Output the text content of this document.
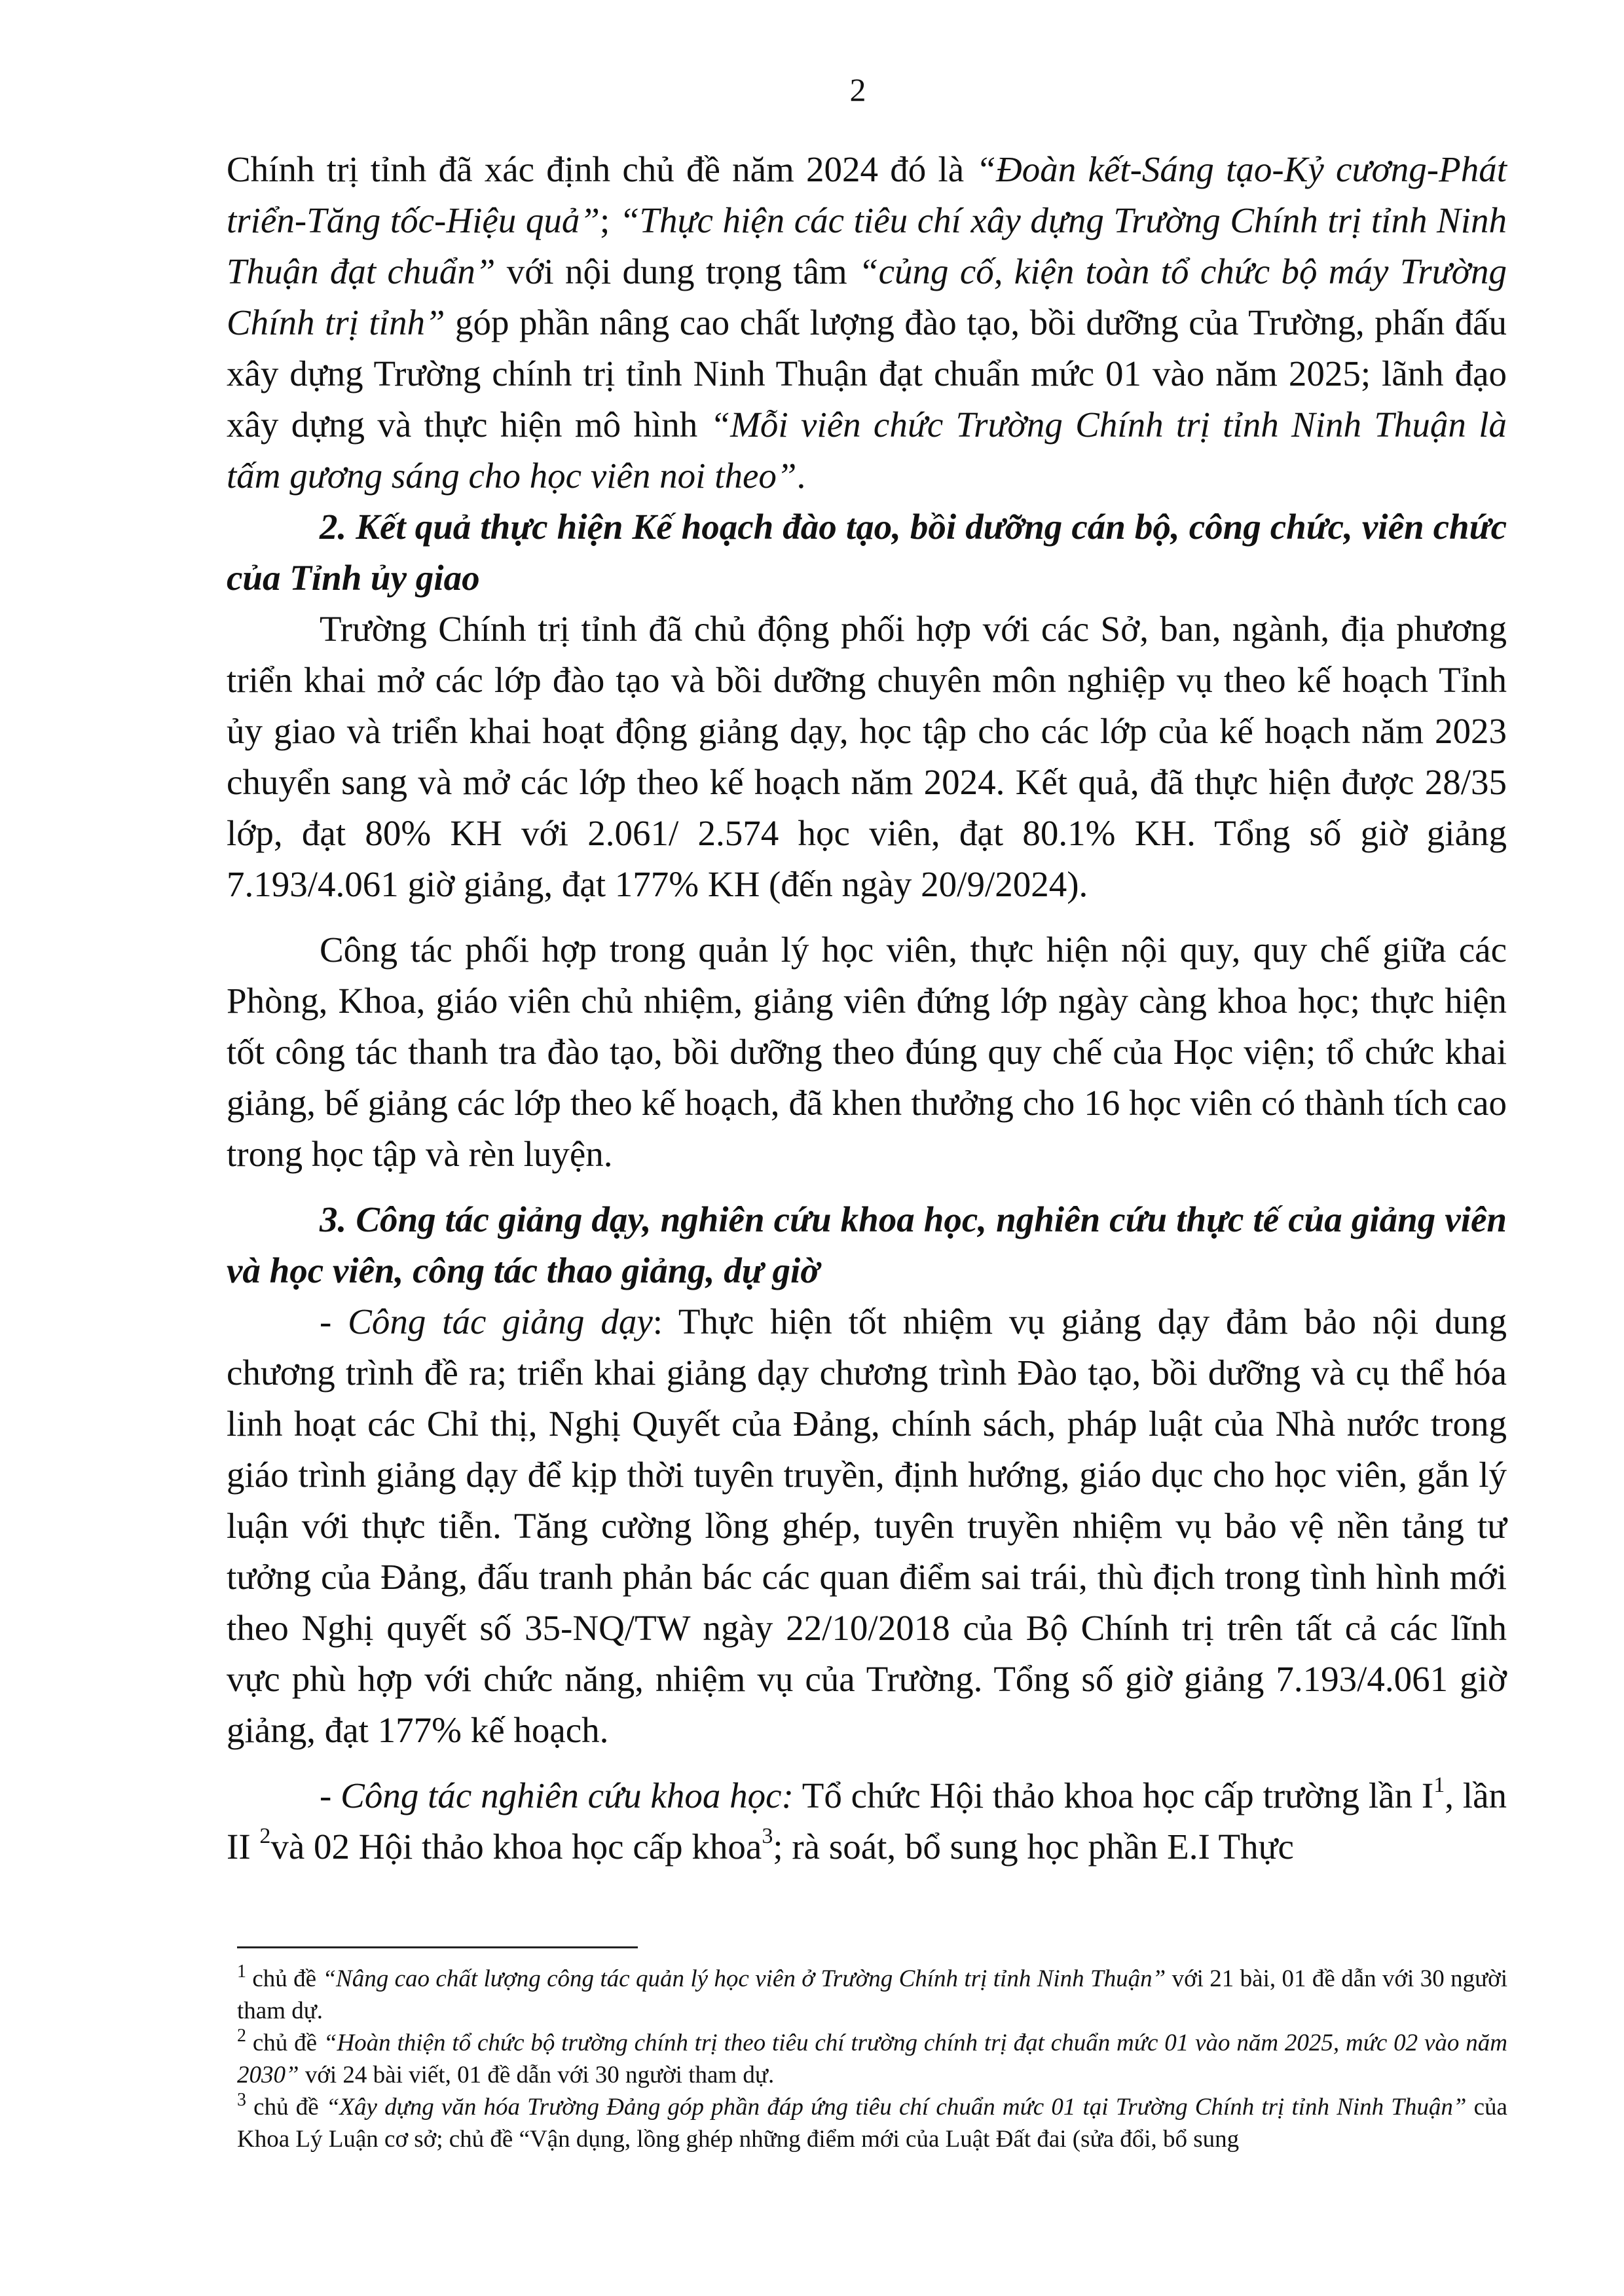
2

Chính trị tỉnh đã xác định chủ đề năm 2024 đó là “Đoàn kết-Sáng tạo-Kỷ cương-Phát triển-Tăng tốc-Hiệu quả”; “Thực hiện các tiêu chí xây dựng Trường Chính trị tỉnh Ninh Thuận đạt chuẩn” với nội dung trọng tâm “củng cố, kiện toàn tổ chức bộ máy Trường Chính trị tỉnh” góp phần nâng cao chất lượng đào tạo, bồi dưỡng của Trường, phấn đấu xây dựng Trường chính trị tỉnh Ninh Thuận đạt chuẩn mức 01 vào năm 2025; lãnh đạo xây dựng và thực hiện mô hình “Mỗi viên chức Trường Chính trị tỉnh Ninh Thuận là tấm gương sáng cho học viên noi theo”.

2. Kết quả thực hiện Kế hoạch đào tạo, bồi dưỡng cán bộ, công chức, viên chức của Tỉnh ủy giao

Trường Chính trị tỉnh đã chủ động phối hợp với các Sở, ban, ngành, địa phương triển khai mở các lớp đào tạo và bồi dưỡng chuyên môn nghiệp vụ theo kế hoạch Tỉnh ủy giao và triển khai hoạt động giảng dạy, học tập cho các lớp của kế hoạch năm 2023 chuyển sang và mở các lớp theo kế hoạch năm 2024. Kết quả, đã thực hiện được 28/35 lớp, đạt 80% KH với 2.061/ 2.574 học viên, đạt 80.1% KH. Tổng số giờ giảng 7.193/4.061 giờ giảng, đạt 177% KH (đến ngày 20/9/2024).

Công tác phối hợp trong quản lý học viên, thực hiện nội quy, quy chế giữa các Phòng, Khoa, giáo viên chủ nhiệm, giảng viên đứng lớp ngày càng khoa học; thực hiện tốt công tác thanh tra đào tạo, bồi dưỡng theo đúng quy chế của Học viện; tổ chức khai giảng, bế giảng các lớp theo kế hoạch, đã khen thưởng cho 16 học viên có thành tích cao trong học tập và rèn luyện.

3. Công tác giảng dạy, nghiên cứu khoa học, nghiên cứu thực tế của giảng viên và học viên, công tác thao giảng, dự giờ

- Công tác giảng dạy: Thực hiện tốt nhiệm vụ giảng dạy đảm bảo nội dung chương trình đề ra; triển khai giảng dạy chương trình Đào tạo, bồi dưỡng và cụ thể hóa linh hoạt các Chỉ thị, Nghị Quyết của Đảng, chính sách, pháp luật của Nhà nước trong giáo trình giảng dạy để kịp thời tuyên truyền, định hướng, giáo dục cho học viên, gắn lý luận với thực tiễn. Tăng cường lồng ghép, tuyên truyền nhiệm vụ bảo vệ nền tảng tư tưởng của Đảng, đấu tranh phản bác các quan điểm sai trái, thù địch trong tình hình mới theo Nghị quyết số 35-NQ/TW ngày 22/10/2018 của Bộ Chính trị trên tất cả các lĩnh vực phù hợp với chức năng, nhiệm vụ của Trường. Tổng số giờ giảng 7.193/4.061 giờ giảng, đạt 177% kế hoạch.

- Công tác nghiên cứu khoa học: Tổ chức Hội thảo khoa học cấp trường lần $I^1$, lần II $^2$và 02 Hội thảo khoa học cấp khoa$^3$; rà soát, bổ sung học phần E.I Thực

$^1$ chủ đề “Nâng cao chất lượng công tác quản lý học viên ở Trường Chính trị tỉnh Ninh Thuận” với 21 bài, 01 đề dẫn với 30 người tham dự.

$^2$ chủ đề “Hoàn thiện tổ chức bộ trường chính trị theo tiêu chí trường chính trị đạt chuẩn mức 01 vào năm 2025, mức 02 vào năm 2030” với 24 bài viết, 01 đề dẫn với 30 người tham dự.

$^3$ chủ đề “Xây dựng văn hóa Trường Đảng góp phần đáp ứng tiêu chí chuẩn mức 01 tại Trường Chính trị tỉnh Ninh Thuận” của Khoa Lý Luận cơ sở; chủ đề “Vận dụng, lồng ghép những điểm mới của Luật Đất đai (sửa đổi, bổ sung
